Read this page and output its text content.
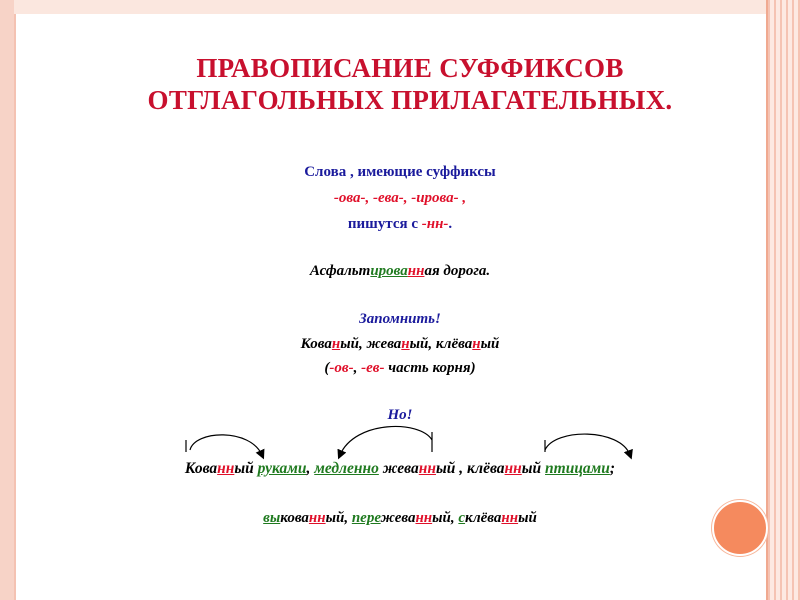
ПРАВОПИСАНИЕ СУФФИКСОВ
ОТГЛАГОЛЬНЫХ ПРИЛАГАТЕЛЬНЫХ.
Слова , имеющие суффиксы
-ова-, -ева-, -ирова- ,
пишутся с -нн-.
Асфальтированная дорога.
Запомнить!
Кованый, жеваный, клёваный
(-ов-, -ев- часть корня)
Но!
Кованный руками, медленно жеванный , клёванный птицами;
выкованный, пережеванный, склёванный
